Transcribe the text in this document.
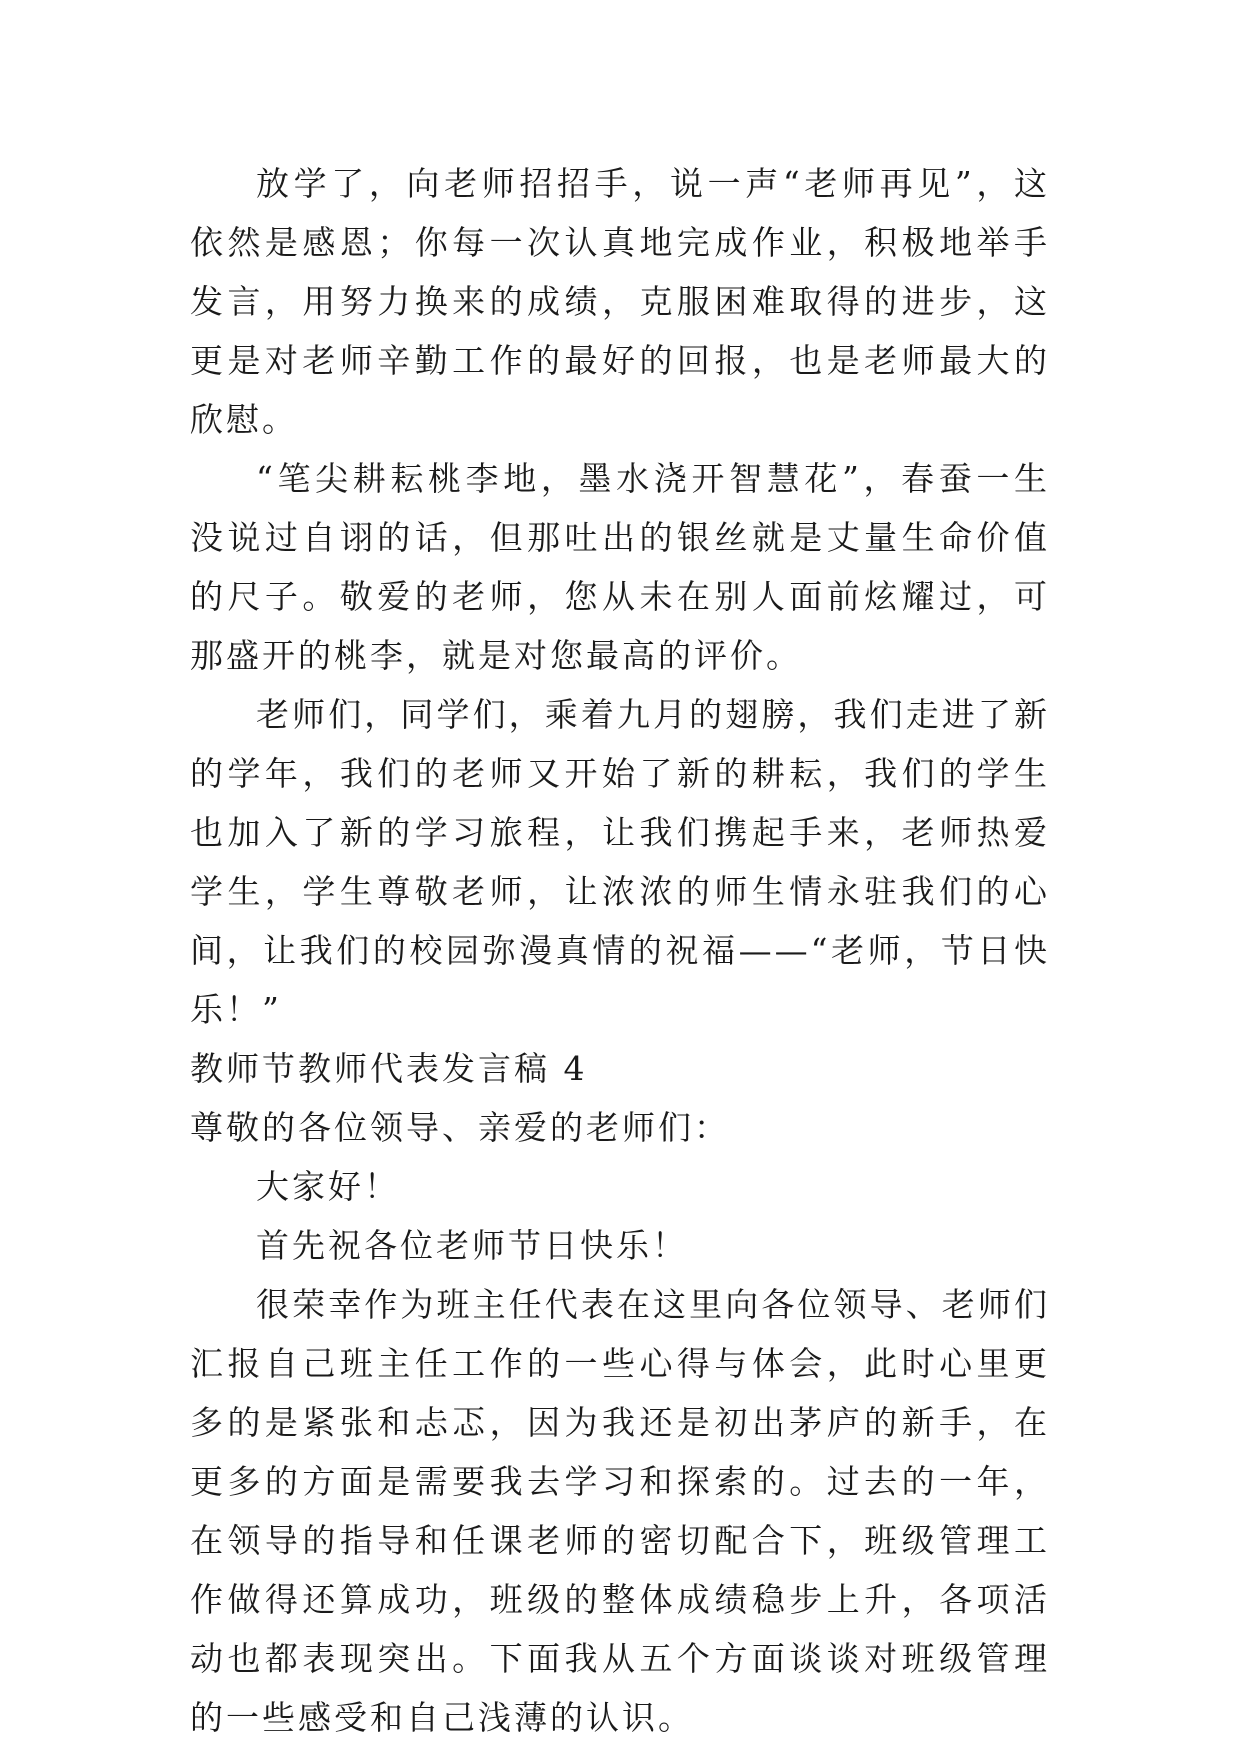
放学了，向老师招招手，说一声“老师再见”，这依然是感恩；你每一次认真地完成作业，积极地举手发言，用努力换来的成绩，克服困难取得的进步，这更是对老师辛勤工作的最好的回报，也是老师最大的欣慰。

“笔尖耕耘桃李地，墨水浇开智慧花”，春蚕一生没说过自诩的话，但那吐出的银丝就是丈量生命价值的尺子。敬爱的老师，您从未在别人面前炫耀过，可那盛开的桃李，就是对您最高的评价。

老师们，同学们，乘着九月的翅膀，我们走进了新的学年，我们的老师又开始了新的耕耘，我们的学生也加入了新的学习旅程，让我们携起手来，老师热爱学生，学生尊敬老师，让浓浓的师生情永驻我们的心间，让我们的校园弥漫真情的祝福——“老师，节日快乐！”

教师节教师代表发言稿 4

尊敬的各位领导、亲爱的老师们：

大家好！

首先祝各位老师节日快乐！

很荣幸作为班主任代表在这里向各位领导、老师们汇报自己班主任工作的一些心得与体会，此时心里更多的是紧张和忐忑，因为我还是初出茅庐的新手，在更多的方面是需要我去学习和探索的。过去的一年，在领导的指导和任课老师的密切配合下，班级管理工作做得还算成功，班级的整体成绩稳步上升，各项活动也都表现突出。下面我从五个方面谈谈对班级管理的一些感受和自己浅薄的认识。
